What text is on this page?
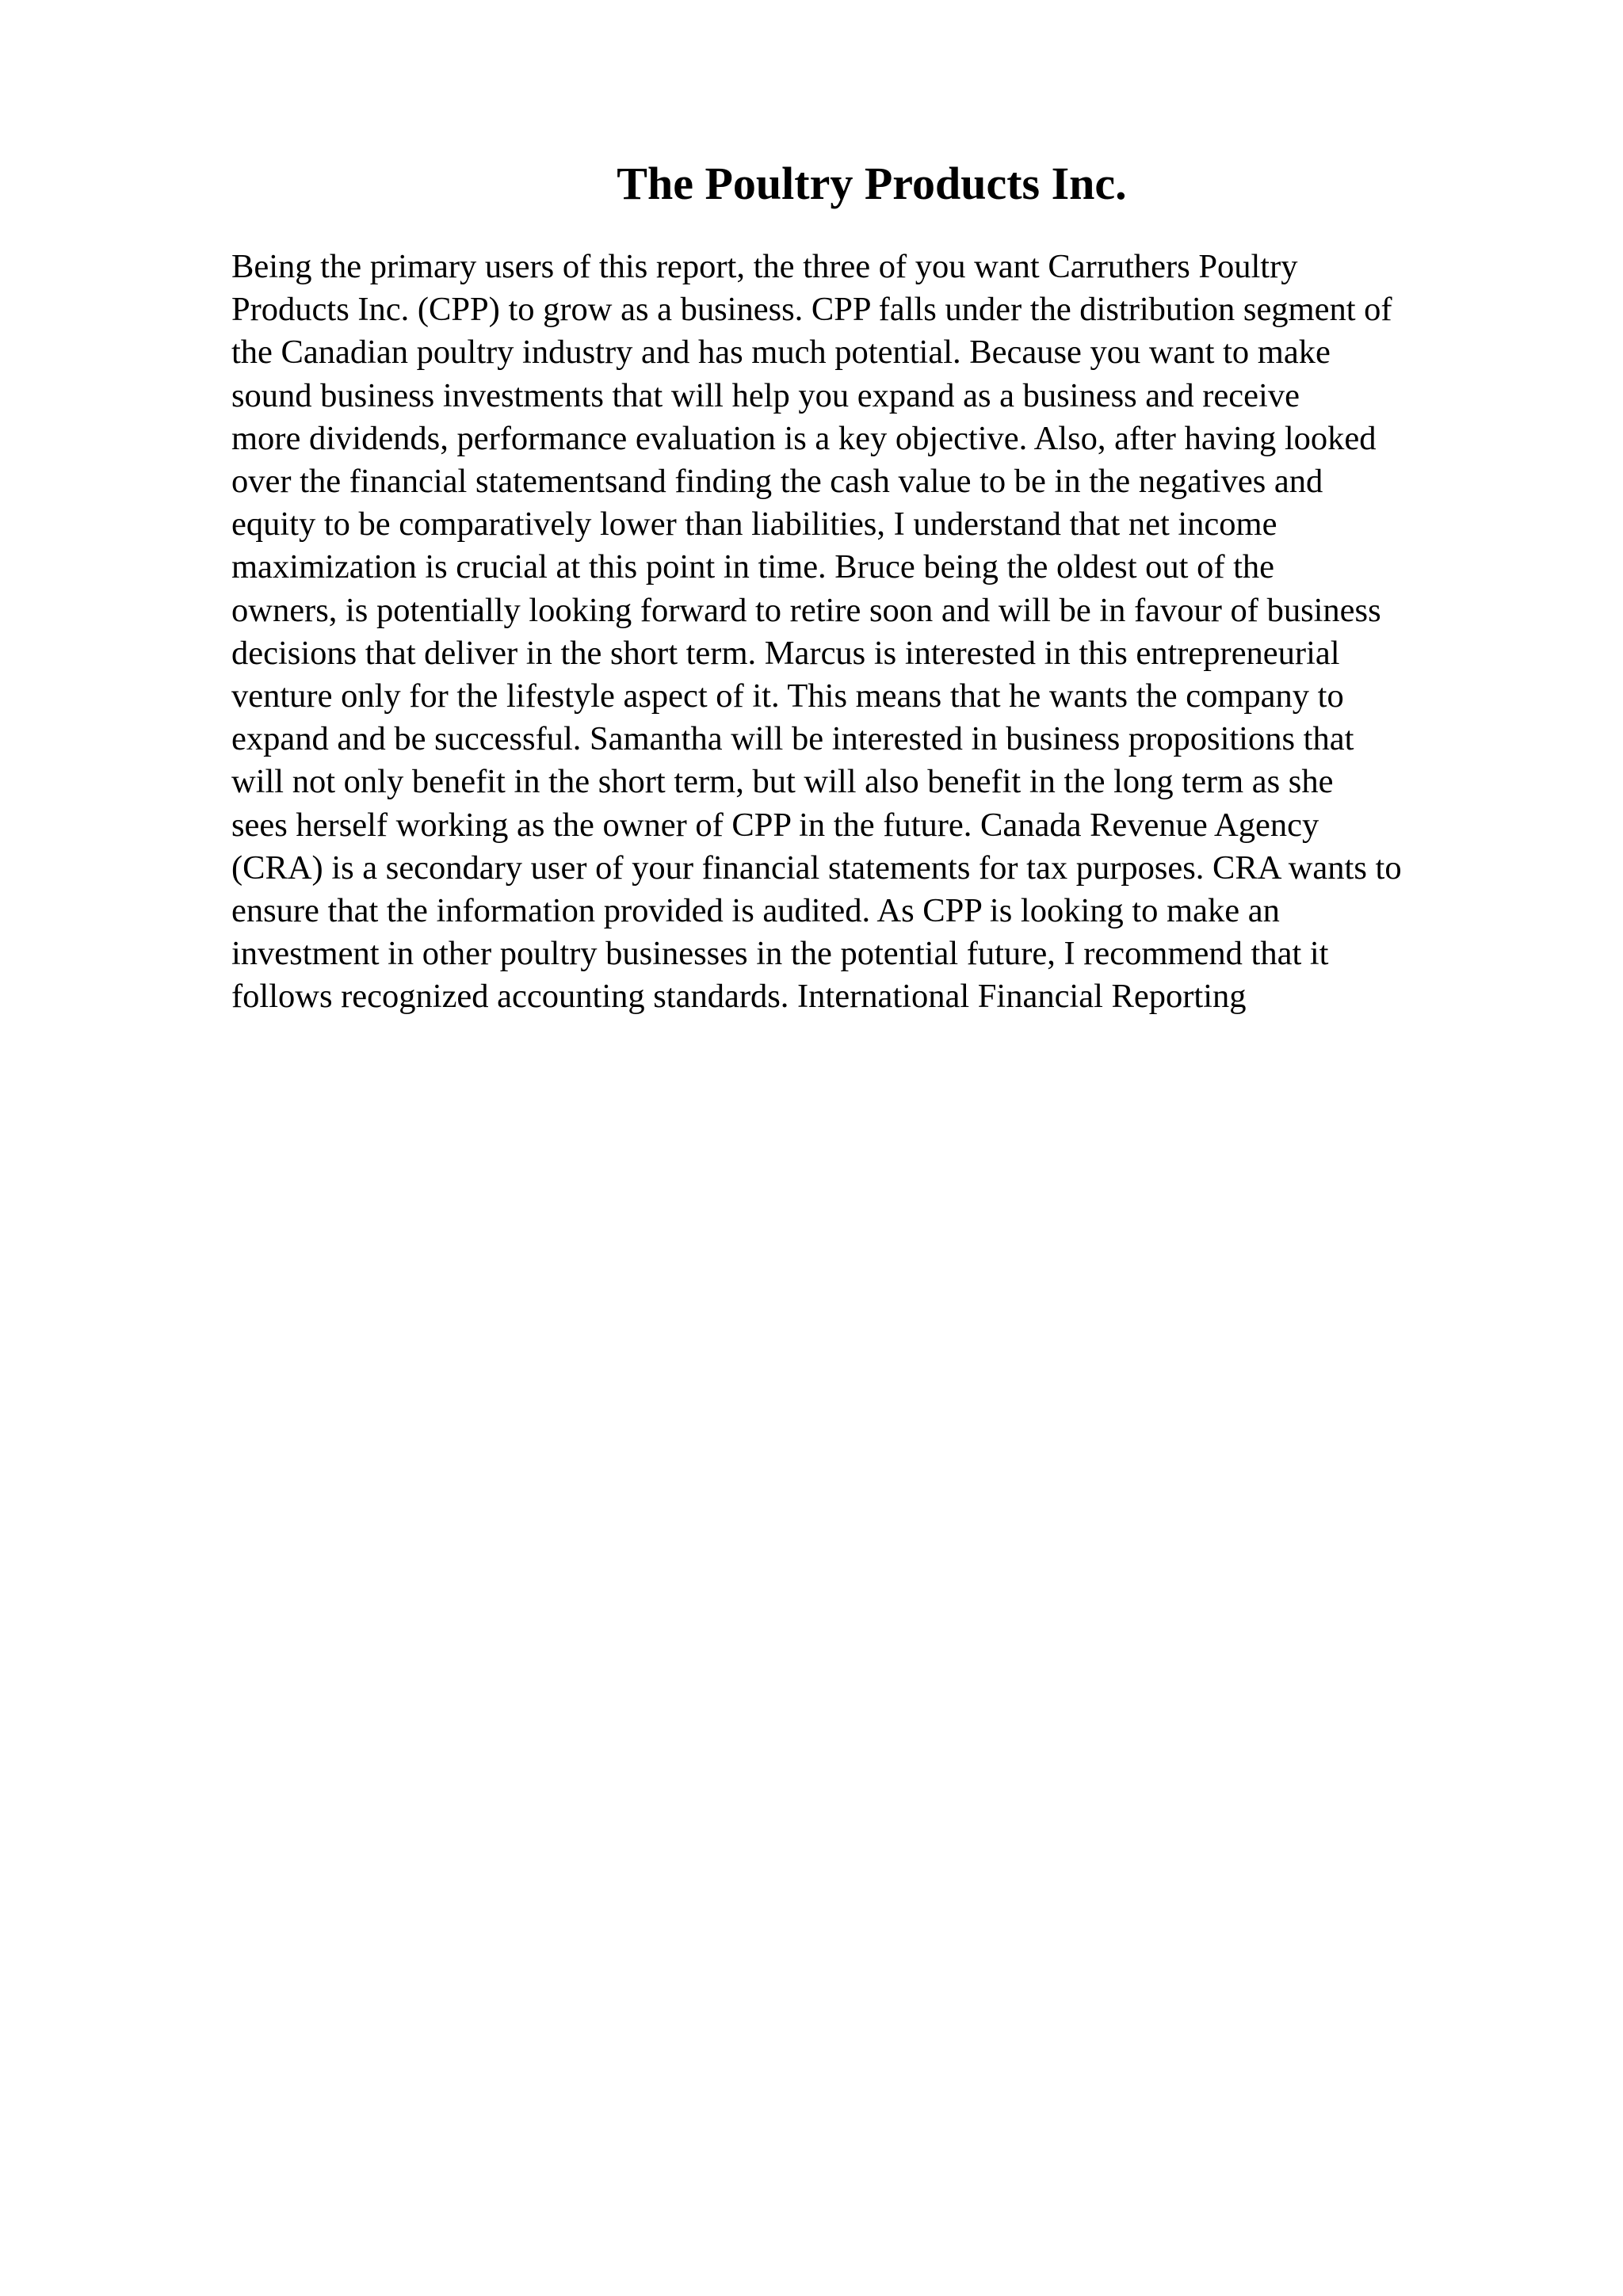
The Poultry Products Inc.
Being the primary users of this report, the three of you want Carruthers Poultry
Products Inc. (CPP) to grow as a business. CPP falls under the distribution segment of
the Canadian poultry industry and has much potential. Because you want to make
sound business investments that will help you expand as a business and receive
more dividends, performance evaluation is a key objective. Also, after having looked
over the financial statementsand finding the cash value to be in the negatives and
equity to be comparatively lower than liabilities, I understand that net income
maximization is crucial at this point in time. Bruce being the oldest out of the
owners, is potentially looking forward to retire soon and will be in favour of business
decisions that deliver in the short term. Marcus is interested in this entrepreneurial
venture only for the lifestyle aspect of it. This means that he wants the company to
expand and be successful. Samantha will be interested in business propositions that
will not only benefit in the short term, but will also benefit in the long term as she
sees herself working as the owner of CPP in the future. Canada Revenue Agency
(CRA) is a secondary user of your financial statements for tax purposes. CRA wants to
ensure that the information provided is audited. As CPP is looking to make an
investment in other poultry businesses in the potential future, I recommend that it
follows recognized accounting standards. International Financial Reporting
